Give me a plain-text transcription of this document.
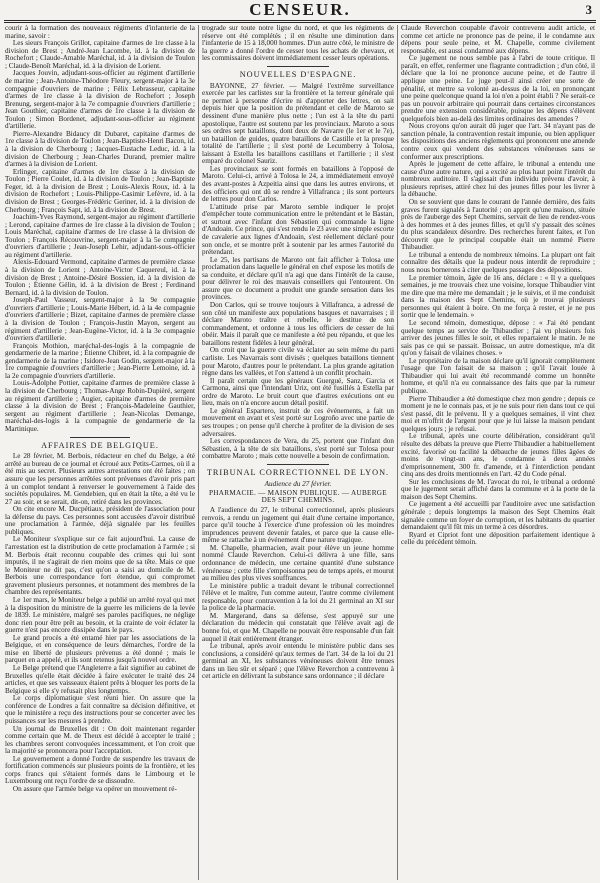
CENSEUR.	3

courir à la formation des nouveaux régiments d'infanterie de la marine, savoir :

Les sieurs François Grillot, capitaine d'armes de 1re classe à la division de Brest ; André-Jean Lacombe, id. à la division de Rochefort ; Claude-Amable Maréchal, id. à la division de Toulon ; Claude-Benoît Maréchal, id. à la division de Lorient.

Jacques Jouvin, adjudant-sous-officier au régiment d'artillerie de marine ; Jean-Antoine-Théodore Fleury, sergent-major à la 3e compagnie d'ouvriers de marine ; Félix Lebrasseur, capitaine d'armes de 1re classe à la division de Rochefort ; Joseph Brenung, sergent-major à la 7e compagnie d'ouvriers d'artillerie ; Jean Gouthier, capitaine d'armes de 1re classe à la division de Toulon ; Simon Bordenet, adjudant-sous-officier au régiment d'artillerie.

Pierre-Alexandre Bidaucy dit Dubaret, capitaine d'armes de 1re classe à la division de Toulon ; Jean-Baptiste-Henri Bacon, id. à la division de Cherbourg ; Jacques-Eustache Leduc, id. à la division de Cherbourg ; Jean-Charles Durand, premier maître d'armes à la division de Lorient.

Erlinger, capitaine d'armes de 1re classe à la division de Toulon ; Pierre Coulet, id. à la division de Toulon ; Jean-Baptiste Feger, id. à la division de Brest ; Louis-Alexis Roux, id. à la division de Rochefort ; Louis-Philippe-Casimir Lefèvre, id. à la division de Brest ; Georges-Frédéric Geriner, id. à la division de Cherbourg ; François Sapt, id. à la division de Brest.

Joachim-Yves Raymond, sergent-major au régiment d'artillerie ; Lerond, capitaine d'armes de 1re classe à la division de Toulon ; Louis Maréchal, capitaine d'armes de 1re classe à la division de Toulon ; François Récouvrine, sergent-major à la 5e compagnie d'ouvriers d'artillerie ; Jean-Joseph Lehir, adjudant-sous-officier au régiment d'artillerie.

Alexis-Edouard Vermond, capitaine d'armes de première classe à la division de Lorient ; Antoine-Victor Caquereul, id. à la division de Brest ; Antoine-Désiré Bossien, id. à la division de Toulon ; Étienne Gélin, id. à la division de Brest ; Ferdinand Bernard, id. à la division de Toulon.

Joseph-Paul Vasseur, sergent-major à la 9e compagnie d'ouvriers d'artillerie ; Louis-Marie Hébert, id. à la 4e compagnie d'ouvriers d'artillerie ; Bizet, capitaine d'armes de première classe à la division de Toulon ; François-Justin Mayon, sergent au régiment d'artillerie ; Jean-Eugène-Victor, id. à la 3e compagnie d'ouvriers d'artillerie.

François Mothion, maréchal-des-logis à la compagnie de gendarmerie de la marine ; Étienne Chibret, id. à la compagnie de gendarmerie de la marine ; Isidore-Jean Godin, sergent-major à la 1re compagnie d'ouvriers d'artillerie ; Jean-Pierre Lemoine, id. à la 2e compagnie d'ouvriers d'artillerie.

Louis-Adolphe Pottier, capitaine d'armes de première classe à la division de Cherbourg ; Thomas-Ange Robin-Dupièré, sergent au régiment d'artillerie ; Augier, capitaine d'armes de première classe à la division de Brest ; François-Madeleine Gauthier, sergent au régiment d'artillerie ; Jean-Nicolas Demange, maréchal-des-logis à la compagnie de gendarmerie de la Martinique.

AFFAIRES DE BELGIQUE.

Le 28 février, M. Berbois, rédacteur en chef du Belge, a été arrêté au bureau de ce journal et écroué aux Petits-Carmes, où il a été mis au secret. Plusieurs autres arrestations ont été faites ; on assure que les personnes arrêtées sont prévenues d'avoir pris part à un complot tendant à renverser le gouvernement à l'aide des sociétés populaires. M. Gendebien, qui en était la tête, a été vu le 27 au soir, et se serait, dit-on, retiré dans les provinces.

On cite encore M. Ducpétiaux, président de l'association pour la défense du pays. Ces personnes sont accusées d'avoir distribué une proclamation à l'armée, déjà signalée par les feuilles publiques.

Le Moniteur s'explique sur ce fait aujourd'hui. La cause de l'arrestation est la distribution de cette proclamation à l'armée ; si M. Berbois était reconnu coupable des crimes qui lui sont imputés, il ne s'agirait de rien moins que de sa tête. Mais ce que le Moniteur ne dit pas, c'est qu'on a saisi au domicile de M. Berbois une correspondance fort étendue, qui compromet gravement plusieurs personnes, et notamment des membres de la chambre des représentants.

Le 1er mars, le Moniteur belge a publié un arrêté royal qui met à la disposition du ministre de la guerre les miliciens de la levée de 1839. Le ministère, malgré ses paroles pacifiques, ne néglige donc rien pour être prêt au besoin, et la crainte de voir éclater la guerre n'est pas encore dissipée dans le pays.

Le grand procès a été entamé hier par les associations de la Belgique, et en conséquence de leurs démarches, l'ordre de la mise en liberté de plusieurs prévenus a été donné ; mais le parquet en a appelé, et ils sont retenus jusqu'à nouvel ordre.

Le Belge prétend que l'Angleterre a fait signifier au cabinet de Bruxelles qu'elle était décidée à faire exécuter le traité des 24 articles, et que ses vaisseaux étaient prêts à bloquer les ports de la Belgique si elle s'y refusait plus longtemps.

Le corps diplomatique s'est réuni hier. On assure que la conférence de Londres a fait connaître sa décision définitive, et que le ministère a reçu des instructions pour se concerter avec les puissances sur les mesures à prendre.

Un journal de Bruxelles dit : On doit maintenant regarder comme certain que M. de Theux est décidé à accepter le traité ; les chambres seront convoquées incessamment, et l'on croit que la majorité se prononcera pour l'acceptation.

Le gouvernement a donné l'ordre de suspendre les travaux de fortification commencés sur plusieurs points de la frontière, et les corps francs qui s'étaient formés dans le Limbourg et le Luxembourg ont reçu l'ordre de se dissoudre.

On assure que l'armée belge va opérer un mouvement ré-

trograde sur toute notre ligne du nord, et que les régiments de réserve ont été complétés ; il en résulte une diminution dans l'infanterie de 15 à 18,000 hommes. D'un autre côté, le ministre de la guerre a donné l'ordre de cesser tous les achats de chevaux, et les commissaires doivent immédiatement cesser leurs opérations.

NOUVELLES D'ESPAGNE.

BAYONNE, 27 février. — Malgré l'extrême surveillance exercée par les carlistes sur la frontière et la terreur générale qui ne permet à personne d'écrire ni d'apporter des lettres, on sait depuis hier que la position du prétendant et celle de Maroto se dessinent d'une manière plus nette ; l'un est à la tête du parti apostolique, l'autre est soutenu par les provinciaux. Maroto a sous ses ordres sept bataillons, dont deux de Navarre (le 1er et le 7e), un bataillon de guides, quatre bataillons de Castille et la presque totalité de l'artillerie ; il s'est porté de Lecumberry à Tolosa, laissant à Estella les bataillons castillans et l'artillerie ; il s'est emparé du colonel Sauriz.

Les provinciaux se sont formés en bataillons à l'opposé de Maroto. Celui-ci, arrivé à Tolosa le 24, a immédiatement envoyé des avant-postes à Azpeitia ainsi que dans les autres environs, et des officiers qui ont dû se rendre à Villafranca ; ils sont porteurs de lettres pour don Carlos.

L'attitude prise par Maroto semble indiquer le projet d'empêcher toute communication entre le prétendant et le Bastan, et surtout avec l'infant don Sébastien qui commande la ligne d'Andoain. Ce prince, qui s'est rendu le 23 avec une simple escorte de cavalerie aux lignes d'Andoain, s'est réellement déclaré pour son oncle, et se montre prêt à soutenir par les armes l'autorité du prétendant.

Le 25, les partisans de Maroto ont fait afficher à Tolosa une proclamation dans laquelle le général en chef expose les motifs de sa conduite, et déclare qu'il n'a agi que dans l'intérêt de la cause, pour délivrer le roi des mauvais conseillers qui l'entourent. On assure que ce document a produit une grande sensation dans les provinces.

Don Carlos, qui se trouve toujours à Villafranca, a adressé de son côté un manifeste aux populations basques et navarraises ; il déclare Maroto traître et rebelle, le destitue de son commandement, et ordonne à tous les officiers de cesser de lui obéir. Mais il paraît que ce manifeste a été peu répandu, et que les bataillons restent fidèles à leur général.

On croit que la guerre civile va éclater au sein même du parti carliste. Les Navarrais sont divisés ; quelques bataillons tiennent pour Maroto, d'autres pour le prétendant. La plus grande agitation règne dans les vallées, et l'on s'attend à un conflit prochain.

Il paraît certain que les généraux Guergué, Sanz, Garcia et Carmona, ainsi que l'intendant Uriz, ont été fusillés à Estella par ordre de Maroto. Le bruit court que d'autres exécutions ont eu lieu, mais on n'a encore aucun détail positif.

Le général Espartero, instruit de ces événements, a fait un mouvement en avant et s'est porté sur Logroño avec une partie de ses troupes ; on pense qu'il cherche à profiter de la division de ses adversaires.

Les correspondances de Vera, du 25, portent que l'infant don Sébastien, à la tête de six bataillons, s'est porté sur Tolosa pour combattre Maroto ; mais cette nouvelle a besoin de confirmation.

TRIBUNAL CORRECTIONNEL DE LYON.

Audience du 27 février.

PHARMACIE. — MAISON PUBLIQUE. — AUBERGE DES SEPT CHEMINS.

A l'audience du 27, le tribunal correctionnel, après plusieurs renvois, a rendu un jugement qui était d'une certaine importance, parce qu'il touche à l'exercice d'une profession où les moindres imprudences peuvent devenir fatales, et parce que la cause elle-même se rattache à un événement d'une nature tragique.

M. Chapelle, pharmacien, avait pour élève un jeune homme nommé Claude Reverchon. Celui-ci délivra à une fille, sans ordonnance de médecin, une certaine quantité d'une substance vénéneuse ; cette fille s'empoisonna peu de temps après, et mourut au milieu des plus vives souffrances.

Le ministère public a traduit devant le tribunal correctionnel l'élève et le maître, l'un comme auteur, l'autre comme civilement responsable, pour contravention à la loi du 21 germinal an XI sur la police de la pharmacie.

M. Margerand, dans sa défense, s'est appuyé sur une déclaration du médecin qui constatait que l'élève avait agi de bonne foi, et que M. Chapelle ne pouvait être responsable d'un fait auquel il était entièrement étranger.

Le tribunal, après avoir entendu le ministère public dans ses conclusions, a considéré qu'aux termes de l'art. 34 de la loi du 21 germinal an XI, les substances vénéneuses doivent être tenues dans un lieu sûr et séparé ; que l'élève Reverchon a contrevenu à cet article en délivrant la substance sans ordonnance ; il déclare

Claude Reverchon coupable d'avoir contrevenu audit article, et comme cet article ne prononce pas de peine, il le condamne aux dépens pour seule peine, et M. Chapelle, comme civilement responsable, est aussi condamné aux dépens.

Ce jugement ne nous semble pas à l'abri de toute critique. Il paraît, en effet, renfermer une flagrante contradiction ; d'un côté, il déclare que la loi ne prononce aucune peine, et de l'autre il applique une peine. Le juge peut-il ainsi créer une sorte de pénalité, et mettre sa volonté au-dessus de la loi, en prononçant une peine quelconque quand la loi n'en a point établi ? Ne serait-ce pas un pouvoir arbitraire qui pourrait dans certaines circonstances prendre une extension considérable, puisque les dépens s'élèvent quelquefois bien au-delà des limites ordinaires des amendes ?

Nous croyons qu'on aurait dû juger que l'art. 34 n'ayant pas de sanction pénale, la contravention restait impunie, ou bien appliquer les dispositions des anciens règlements qui prononcent une amende contre ceux qui vendent des substances vénéneuses sans se conformer aux prescriptions.

Après le jugement de cette affaire, le tribunal a entendu une cause d'une autre nature, qui a excité au plus haut point l'intérêt du nombreux auditoire. Il s'agissait d'un individu prévenu d'avoir, à plusieurs reprises, attiré chez lui des jeunes filles pour les livrer à la débauche.

On se souvient que dans le courant de l'année dernière, des faits graves furent signalés à l'autorité ; on apprit qu'une maison, située près de l'auberge des Sept Chemins, servait de lieu de rendez-vous à des hommes et à des jeunes filles, et qu'il s'y passait des scènes du plus scandaleux désordre. Des recherches furent faites, et l'on découvrit que le principal coupable était un nommé Pierre Thibaudier.

Le tribunal a entendu de nombreux témoins. La plupart ont fait connaître des détails que la pudeur nous interdit de reproduire ; nous nous bornerons à citer quelques passages des dépositions.

Le premier témoin, âgée de 16 ans, déclare : « Il y a quelques semaines, je me trouvais chez une voisine, lorsque Thibaudier vint me dire que ma mère me demandait ; je le suivis, et il me conduisit dans la maison des Sept Chemins, où je trouvai plusieurs personnes qui étaient à boire. On me força à rester, et je ne pus sortir que le lendemain. »

Le second témoin, domestique, dépose : « J'ai été pendant quelque temps au service de Thibaudier ; j'ai vu plusieurs fois arriver des jeunes filles le soir, et elles repartaient le matin. Je ne sais pas ce qui se passait. Boissac, un autre domestique, m'a dit qu'on y faisait de vilaines choses. »

Le propriétaire de la maison déclare qu'il ignorait complètement l'usage que l'on faisait de sa maison ; qu'il l'avait louée à Thibaudier qui lui avait été recommandé comme un honnête homme, et qu'il n'a eu connaissance des faits que par la rumeur publique.

Pierre Thibaudier a été domestique chez mon gendre ; depuis ce moment je ne le connais pas, et je ne suis pour rien dans tout ce qui s'est passé, dit le prévenu. Il y a quelques semaines, il vint chez moi et m'offrit de l'argent pour que je lui laisse la maison pendant quelques jours ; je refusai.

Le tribunal, après une courte délibération, considérant qu'il résulte des débats la preuve que Pierre Thibaudier a habituellement excité, favorisé ou facilité la débauche de jeunes filles âgées de moins de vingt-un ans, le condamne à deux années d'emprisonnement, 300 fr. d'amende, et à l'interdiction pendant cinq ans des droits mentionnés en l'art. 42 du Code pénal.

Sur les conclusions de M. l'avocat du roi, le tribunal a ordonné que le jugement serait affiché dans la commune et à la porte de la maison des Sept Chemins.

Ce jugement a été accueilli par l'auditoire avec une satisfaction générale ; depuis longtemps la maison des Sept Chemins était signalée comme un foyer de corruption, et les habitants du quartier demandaient qu'il fût mis un terme à ces désordres.

Ryard et Cipriot font une déposition parfaitement identique à celle du précédent témoin.
